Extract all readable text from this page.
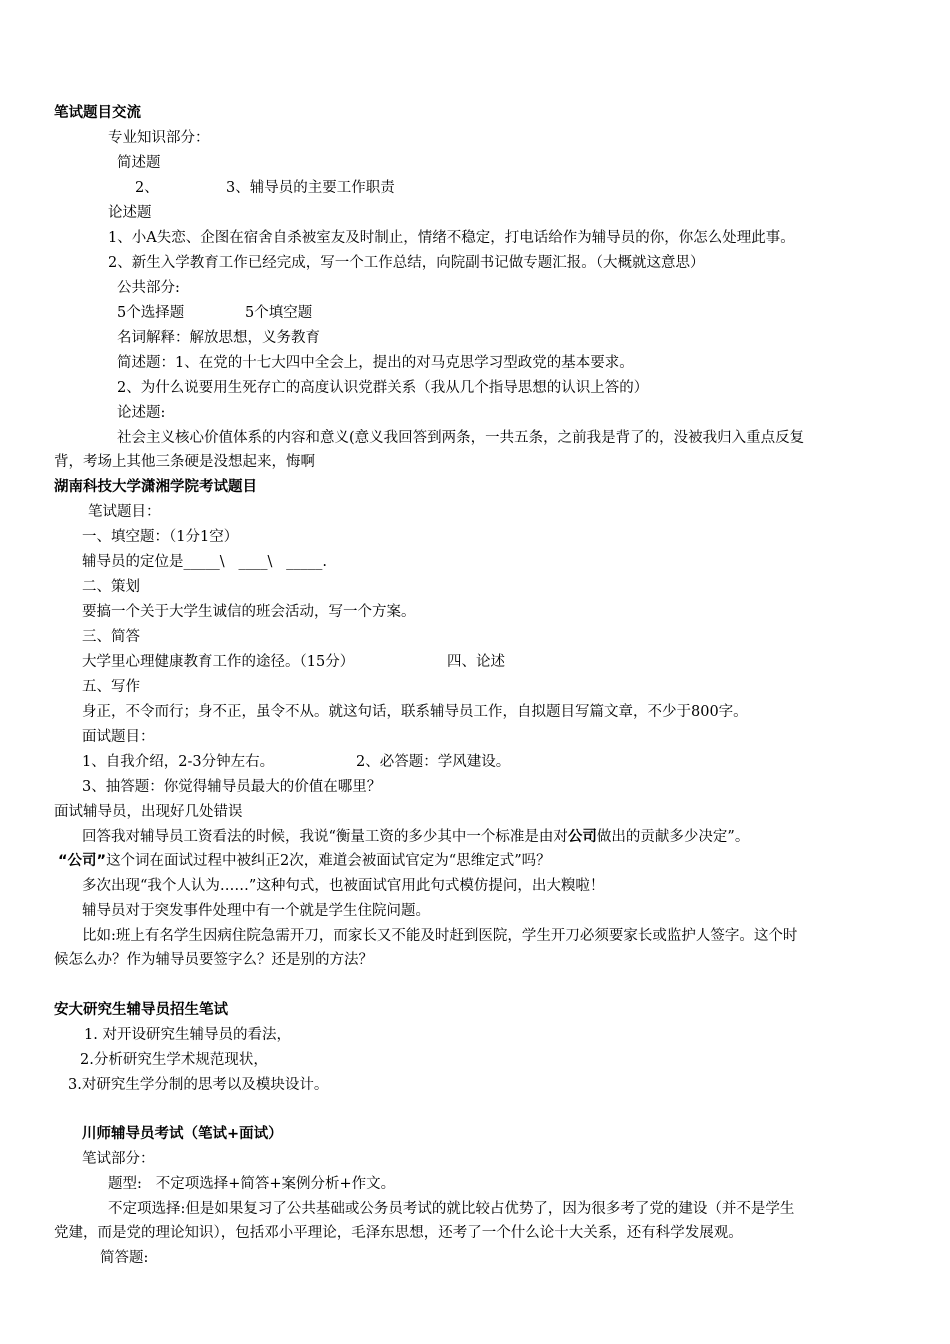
笔试题目交流
专业知识部分：
简述题
2、	3、辅导员的主要工作职责
论述题
1、小A失恋、企图在宿舍自杀被室友及时制止，情绪不稳定，打电话给作为辅导员的你，你怎么处理此事。
2、新生入学教育工作已经完成，写一个工作总结，向院副书记做专题汇报。（大概就这意思）
公共部分:
5个选择题	5个填空题
名词解释：解放思想，义务教育
简述题：1、在党的十七大四中全会上，提出的对马克思学习型政党的基本要求。
2、为什么说要用生死存亡的高度认识党群关系（我从几个指导思想的认识上答的）
论述题:
社会主义核心价值体系的内容和意义(意义我回答到两条，一共五条，之前我是背了的，没被我归入重点反复
背，考场上其他三条硬是没想起来，悔啊
湖南科技大学潇湘学院考试题目
笔试题目：
一、填空题：（1分1空）
辅导员的定位是_____\   ____\   _____.
二、策划
要搞一个关于大学生诚信的班会活动，写一个方案。
三、简答
大学里心理健康教育工作的途径。（15分）	四、论述
五、写作
身正，不令而行；身不正，虽令不从。就这句话，联系辅导员工作，自拟题目写篇文章，不少于800字。
面试题目：
1、自我介绍，2-3分钟左右。	2、必答题：学风建设。
3、抽答题：你觉得辅导员最大的价值在哪里？
面试辅导员，出现好几处错误
回答我对辅导员工资看法的时候，我说“衡量工资的多少其中一个标准是由对公司做出的贡献多少决定”。
“公司”这个词在面试过程中被纠正2次，难道会被面试官定为“思维定式”吗？
多次出现“我个人认为……”这种句式，也被面试官用此句式模仿提问，出大糗啦！
辅导员对于突发事件处理中有一个就是学生住院问题。
比如:班上有名学生因病住院急需开刀，而家长又不能及时赶到医院，学生开刀必须要家长或监护人签字。这个时
候怎么办？作为辅导员要签字么？还是别的方法？
安大研究生辅导员招生笔试
1. 对开设研究生辅导员的看法，
2.分析研究生学术规范现状，
3.对研究生学分制的思考以及模块设计。
川师辅导员考试（笔试+面试）
笔试部分：
题型:   不定项选择+简答+案例分析+作文。
不定项选择:但是如果复习了公共基础或公务员考试的就比较占优势了，因为很多考了党的建设（并不是学生
党建，而是党的理论知识），包括邓小平理论，毛泽东思想，还考了一个什么论十大关系，还有科学发展观。
简答题:
